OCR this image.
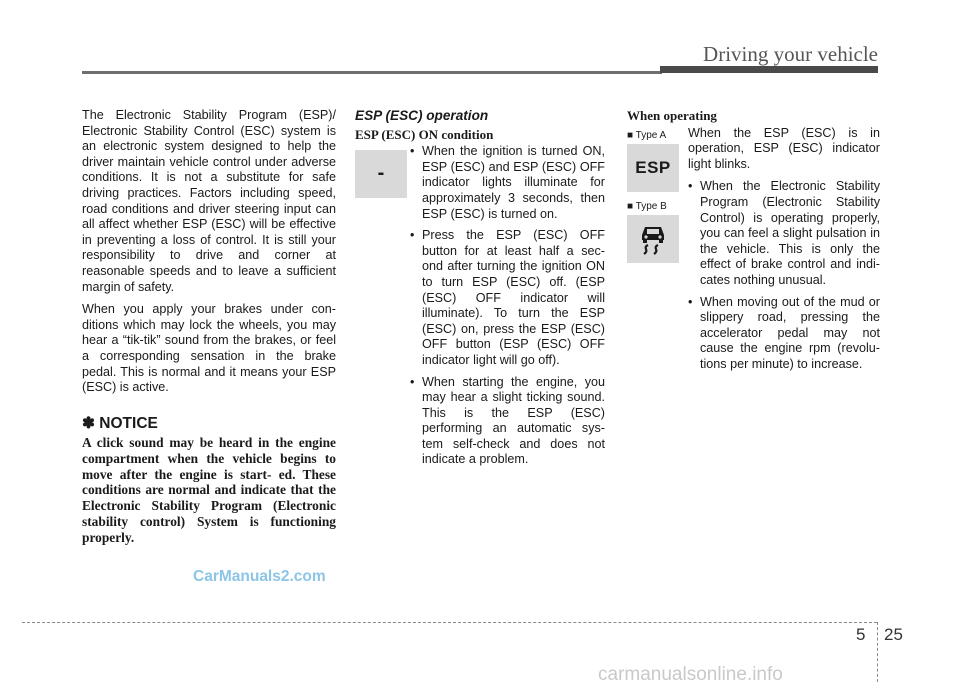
Driving your vehicle

The Electronic Stability Program (ESP)/ Electronic Stability Control (ESC) system is an electronic system designed to help the driver maintain vehicle control under adverse conditions. It is not a substitute for safe driving practices. Factors including speed, road conditions and driver steering input can all affect whether ESP (ESC) will be effective in preventing a loss of control. It is still your responsibility to drive and corner at reasonable speeds and to leave a sufficient margin of safety.

When you apply your brakes under con- ditions which may lock the wheels, you may hear a “tik-tik” sound from the brakes, or feel a corresponding sensation in the brake pedal. This is normal and it means your ESP (ESC) is active.

✽ NOTICE

A click sound may be heard in the engine compartment when the vehicle begins to move after the engine is start- ed. These conditions are normal and indicate that the Electronic Stability Program (Electronic stability control) System is functioning properly.

ESP (ESC) operation
ESP (ESC) ON condition
-
• When the ignition is turned ON, ESP (ESC) and ESP (ESC) OFF indicator lights illuminate for approximately 3 seconds, then ESP (ESC) is turned on.
• Press the ESP (ESC) OFF button for at least half a sec- ond after turning the ignition ON to turn ESP (ESC) off. (ESP (ESC) OFF indicator will illuminate). To turn the ESP (ESC) on, press the ESP (ESC) OFF button (ESP (ESC) OFF indicator light will go off).
• When starting the engine, you may hear a slight ticking sound. This is the ESP (ESC) performing an automatic sys- tem self-check and does not indicate a problem.
When operating
■ Type A
ESP
■ Type B

When the ESP (ESC) is in operation, ESP (ESC) indicator light blinks.

• When the Electronic Stability Program (Electronic Stability Control) is operating properly, you can feel a slight pulsation in the vehicle. This is only the effect of brake control and indi- cates nothing unusual.
• When moving out of the mud or slippery road, pressing the accelerator pedal may not cause the engine rpm (revolu- tions per minute) to increase.
CarManuals2.com
5 25
carmanualsonline.info
